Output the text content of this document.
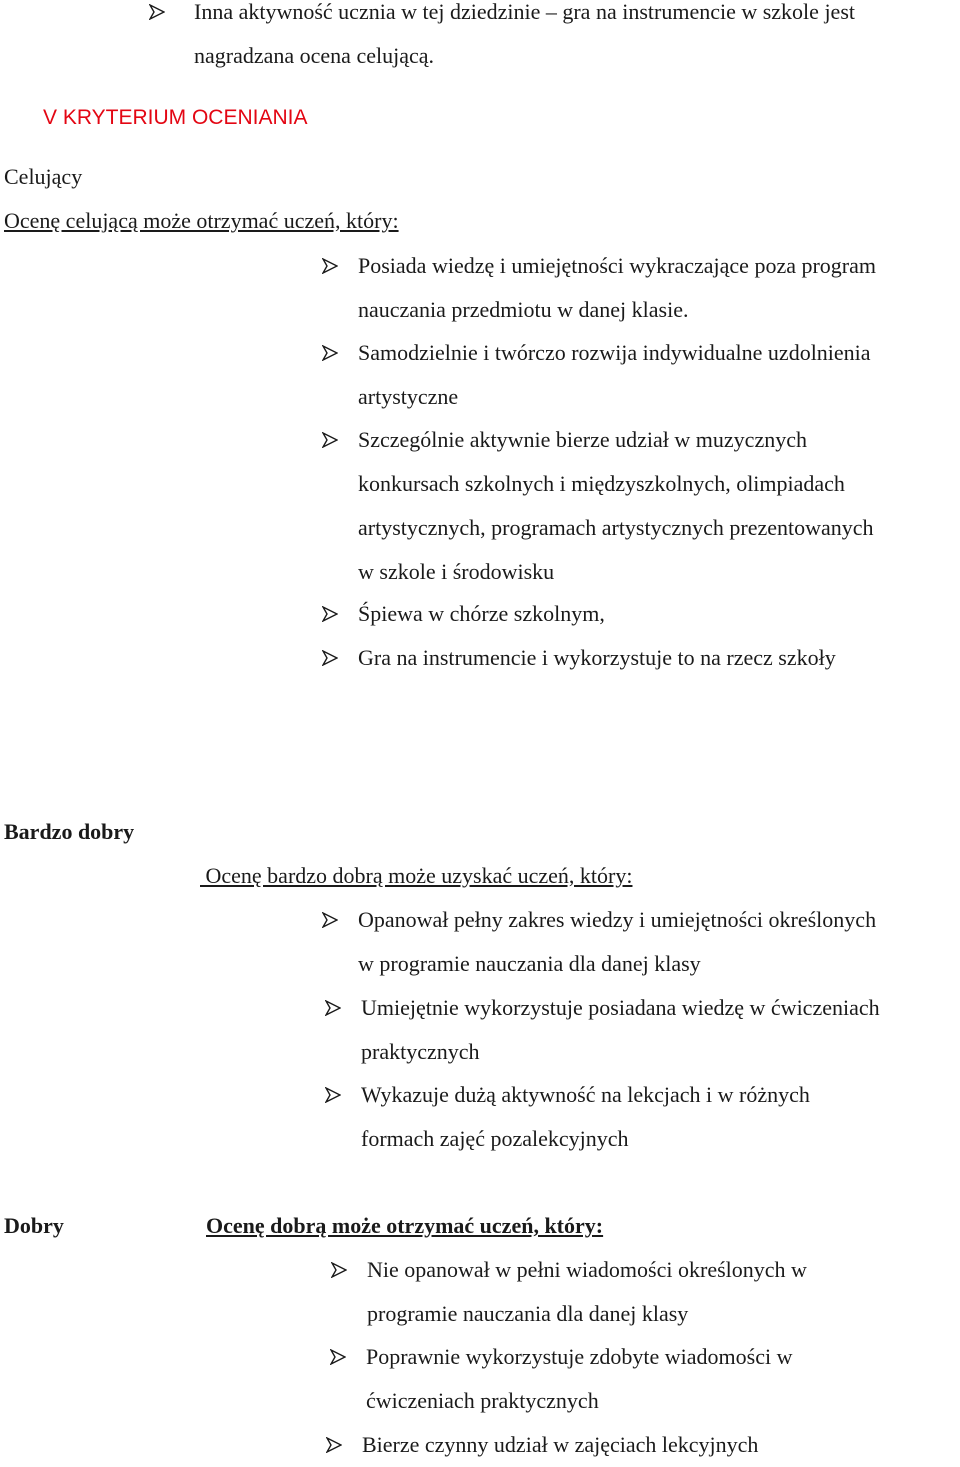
Inna aktywność ucznia w tej dziedzinie – gra na instrumencie w szkole jest
nagradzana ocena celującą.
V KRYTERIUM OCENIANIA
Celujący
Ocenę celującą może otrzymać uczeń, który:
Posiada wiedzę i umiejętności wykraczające poza program
nauczania przedmiotu w danej klasie.
Samodzielnie i twórczo rozwija indywidualne uzdolnienia
artystyczne
Szczególnie aktywnie bierze udział w muzycznych
konkursach szkolnych i międzyszkolnych, olimpiadach
artystycznych, programach artystycznych prezentowanych
w szkole i środowisku
Śpiewa w chórze szkolnym,
Gra na instrumencie i wykorzystuje to na rzecz szkoły
Bardzo dobry
Ocenę bardzo dobrą może uzyskać uczeń, który:
Opanował pełny zakres wiedzy i umiejętności określonych
w programie nauczania dla danej klasy
Umiejętnie wykorzystuje posiadana wiedzę w ćwiczeniach
praktycznych
Wykazuje dużą aktywność na lekcjach i w różnych
formach zajęć pozalekcyjnych
Dobry	Ocenę dobrą może otrzymać uczeń, który:
Nie opanował w pełni wiadomości określonych w
programie nauczania dla danej klasy
Poprawnie wykorzystuje zdobyte wiadomości w
ćwiczeniach praktycznych
Bierze czynny udział w zajęciach lekcyjnych
